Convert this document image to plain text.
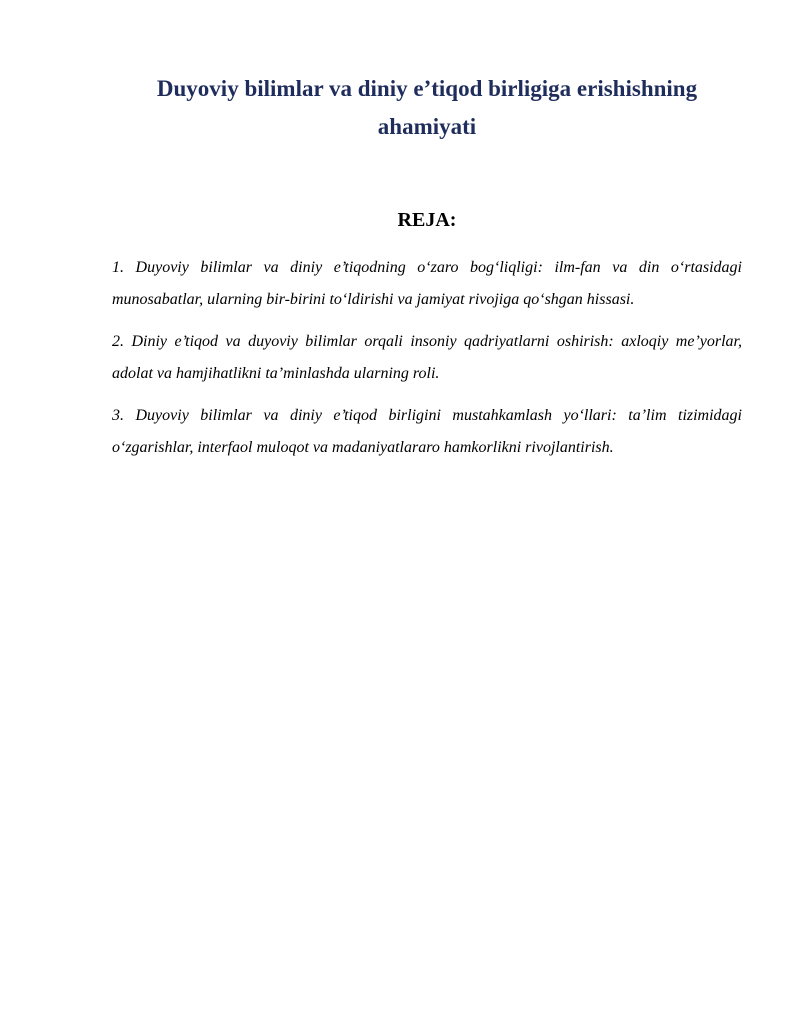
Duyoviy bilimlar va diniy e’tiqod birligiga erishishning ahamiyati
REJA:
1. Duyoviy bilimlar va diniy e’tiqodning o‘zaro bog‘liqligi: ilm-fan va din o‘rtasidagi munosabatlar, ularning bir-birini to‘ldirishi va jamiyat rivojiga qo‘shgan hissasi.
2. Diniy e’tiqod va duyoviy bilimlar orqali insoniy qadriyatlarni oshirish: axloqiy me’yorlar, adolat va hamjihatlikni ta’minlashda ularning roli.
3. Duyoviy bilimlar va diniy e’tiqod birligini mustahkamlash yo‘llari: ta’lim tizimidagi o‘zgarishlar, interfaol muloqot va madaniyatlararo hamkorlikni rivojlantirish.
